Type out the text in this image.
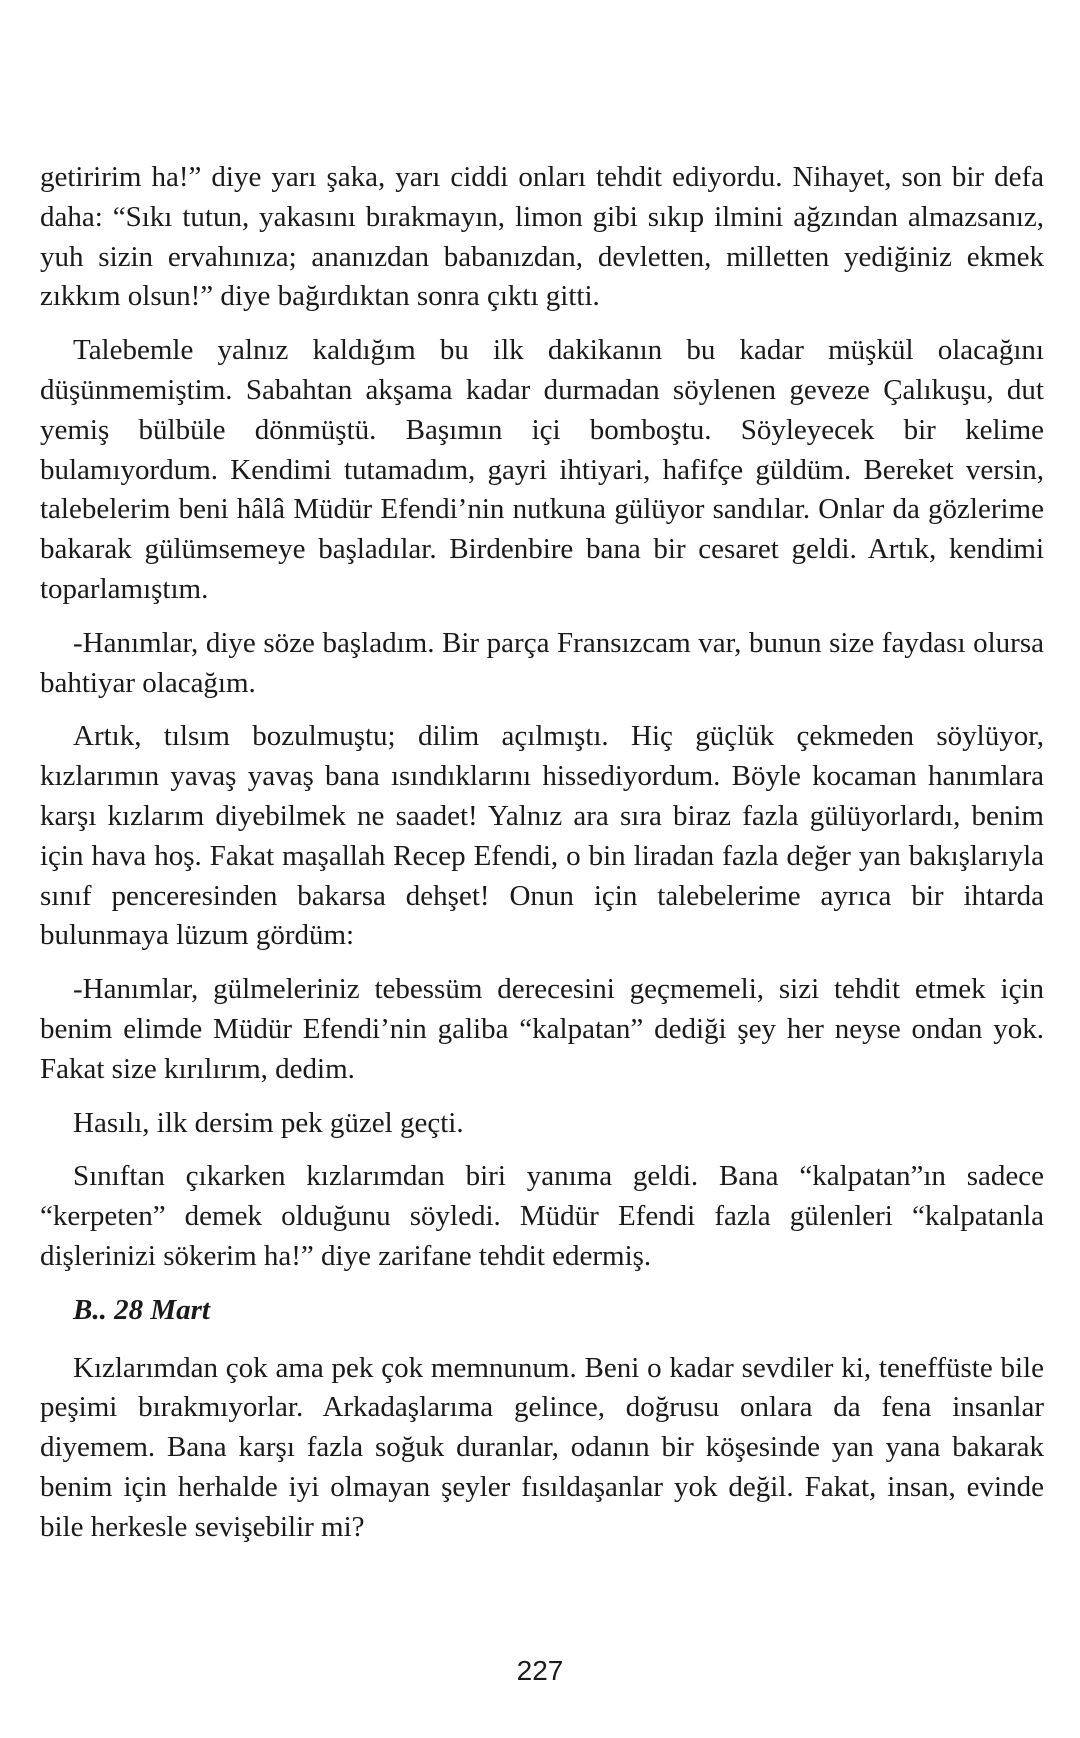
getiririm ha!” diye yarı şaka, yarı ciddi onları tehdit ediyordu. Nihayet, son bir defa daha: “Sıkı tutun, yakasını bırakmayın, limon gibi sıkıp ilmini ağzından almazsanız, yuh sizin ervahınıza; ananızdan babanızdan, devletten, milletten yediğiniz ekmek zıkkım olsun!” diye bağırdıktan sonra çıktı gitti.

Talebemle yalnız kaldığım bu ilk dakikanın bu kadar müşkül olacağını düşünmemiştim. Sabahtan akşama kadar durmadan söylenen geveze Çalıkuşu, dut yemiş bülbüle dönmüştü. Başımın içi bomboştu. Söyleyecek bir kelime bulamıyordum. Kendimi tutamadım, gayri ihtiyari, hafifçe güldüm. Bereket versin, talebelerim beni hâlâ Müdür Efendi’nin nutkuna gülüyor sandılar. Onlar da gözlerime bakarak gülümsemeye başladılar. Birdenbire bana bir cesaret geldi. Artık, kendimi toparlamıştım.

-Hanımlar, diye söze başladım. Bir parça Fransızcam var, bunun size faydası olursa bahtiyar olacağım.

Artık, tılsım bozulmuştu; dilim açılmıştı. Hiç güçlük çekmeden söylüyor, kızlarımın yavaş yavaş bana ısındıklarını hissediyordum. Böyle kocaman hanımlara karşı kızlarım diyebilmek ne saadet! Yalnız ara sıra biraz fazla gülüyorlardı, benim için hava hoş. Fakat maşallah Recep Efendi, o bin liradan fazla değer yan bakışlarıyla sınıf penceresinden bakarsa dehşet! Onun için talebelerime ayrıca bir ihtarda bulunmaya lüzum gördüm:

-Hanımlar, gülmeleriniz tebessüm derecesini geçmemeli, sizi tehdit etmek için benim elimde Müdür Efendi’nin galiba “kalpatan” dediği şey her neyse ondan yok. Fakat size kırılırım, dedim.

Hasılı, ilk dersim pek güzel geçti.

Sınıftan çıkarken kızlarımdan biri yanıma geldi. Bana “kalpatan”ın sadece “kerpeten” demek olduğunu söyledi. Müdür Efendi fazla gülenleri “kalpatanla dişlerinizi sökerim ha!” diye zarifane tehdit edermiş.

B.. 28 Mart

Kızlarımdan çok ama pek çok memnunum. Beni o kadar sevdiler ki, teneffüste bile peşimi bırakmıyorlar. Arkadaşlarıma gelince, doğrusu onlara da fena insanlar diyemem. Bana karşı fazla soğuk duranlar, odanın bir köşesinde yan yana bakarak benim için herhalde iyi olmayan şeyler fısıldaşanlar yok değil. Fakat, insan, evinde bile herkesle sevişebilir mi?

227
